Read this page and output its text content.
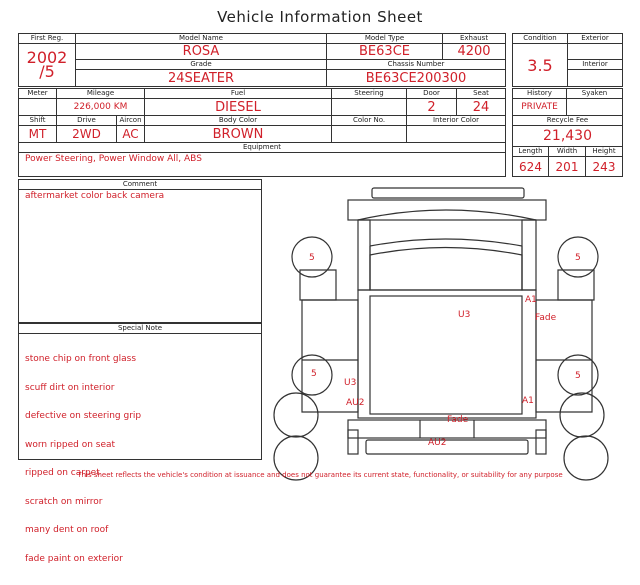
Vehicle Information Sheet
First Reg.	Model Name	Model Type	Exhaust

2002
/5	ROSA	BE63CE	4200
	Grade	Chassis Number	
	24SEATER	BE63CE200300	
Condition	Exterior
3.5	
	Interior

Meter	Mileage		Fuel	Steering	Door	Seat
	226,000 KM		DIESEL		2	24
Shift	Drive	Aircon	Body Color	Color No.	Interior Color	
MT	2WD	AC	BROWN			
Equipment						
Power Steering, Power Window All, ABS						
History		Syaken	
PRIVATE			
Recycle Fee			
21,430			
Length	Width		Height
624	201		243
Comment
aftermarket color back camera
Special Note

stone chip on front glass

scuff dirt on interior

defective on steering grip

worn ripped on seat

ripped on carpet

scratch on mirror

many dent on roof

fade paint on exterior

5	5
5	5
A1
Fade
U3
U3
AU2	A1
Fade
AU2
This sheet reflects the vehicle's condition at issuance and does not guarantee its current state, functionality, or suitability for any purpose
